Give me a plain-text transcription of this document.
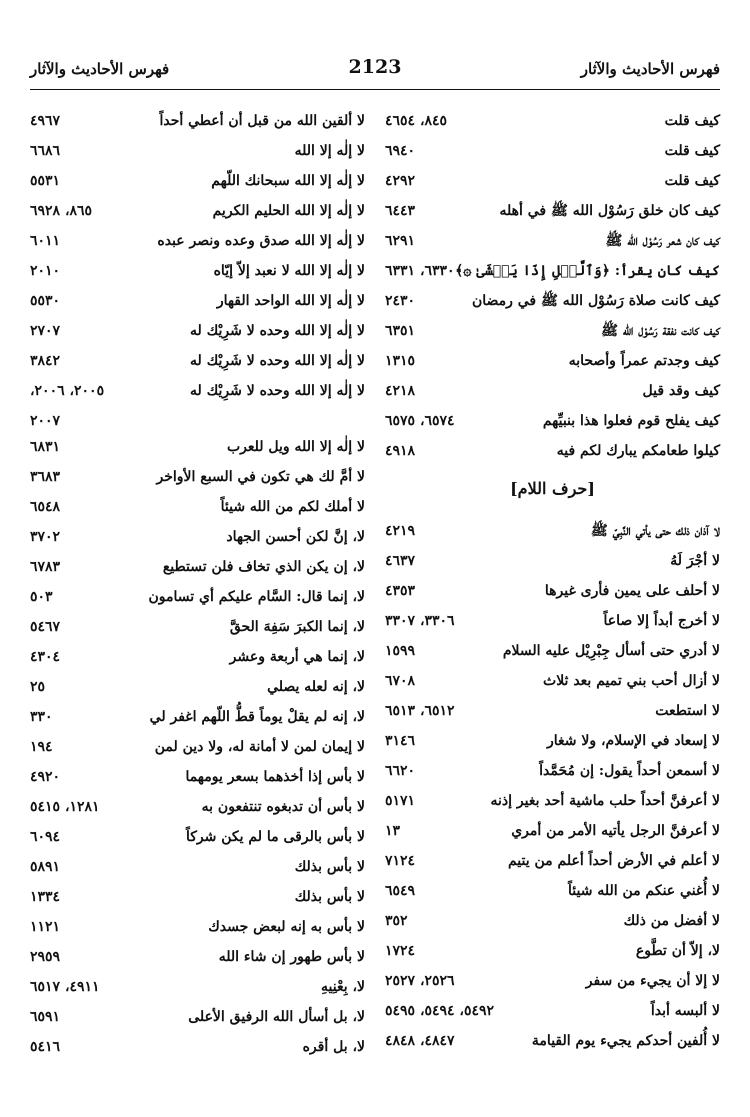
فهرس الأحاديث والآثار
2123
فهرس الأحاديث والآثار
كيف قلت
٨٤٥، ٤٦٥٤
كيف قلت
٦٩٤٠
كيف قلت
٤٢٩٢
كيف كان خلق رَسُوْل الله ﷺ في أهله
٦٤٤٣
كيف كان شعر رَسُوْل الله ﷺ
٦٢٩١
كيف كان يقرأ: ﴿وَٱلَّيۡلِ إِذَا يَغۡشَىٰ ۞﴾
٦٣٣٠، ٦٣٣١
كيف كانت صلاة رَسُوْل الله ﷺ في رمضان
٢٤٣٠
كيف كانت نفقة رَسُوْل الله ﷺ
٦٣٥١
كيف وجدتم عمراً وأصحابه
١٣١٥
كيف وقد قيل
٤٢١٨
كيف يفلح قوم فعلوا هذا بنبيِّهم
٦٥٧٤، ٦٥٧٥
كيلوا طعامكم يبارك لكم فيه
٤٩١٨
[حرف اللام]
لا آذان ذلك حتى يأتي النَّبِيّ ﷺ
٤٢١٩
لا أجْرَ لَهُ
٤٦٣٧
لا أحلف على يمين فأرى غيرها
٤٣٥٣
لا أخرج أبداً إلا صاعاً
٣٣٠٦، ٣٣٠٧
لا أدري حتى أسأل جِبْرِيْل عليه السلام
١٥٩٩
لا أزال أحب بني تميم بعد ثلاث
٦٧٠٨
لا استطعت
٦٥١٢، ٦٥١٣
لا إسعاد في الإسلام، ولا شغار
٣١٤٦
لا أسمعن أحداً يقول: إن مُحَمَّداً
٦٦٢٠
لا أعرفنَّ أحداً حلب ماشية أحد بغير إذنه
٥١٧١
لا أعرفنَّ الرجل يأتيه الأمر من أمري
١٣
لا أعلم في الأرض أحداً أعلم من يتيم
٧١٢٤
لا أُغني عنكم من الله شيئاً
٦٥٤٩
لا أفضل من ذلك
٣٥٢
لا، إلاّ أن تطَّوع
١٧٢٤
لا إلا أن يجيء من سفر
٢٥٢٦، ٢٥٢٧
لا ألبسه أبداً
٥٤٩٢، ٥٤٩٤، ٥٤٩٥
لا أُلفين أحدكم يجيء يوم القيامة
٤٨٤٧، ٤٨٤٨
لا ألقين الله من قبل أن أعطي أحداً
٤٩٦٧
لا إلٰه إلا الله
٦٦٨٦
لا إلٰه إلا الله سبحانك اللّهم
٥٥٣١
لا إلٰه إلا الله الحليم الكريم
٨٦٥، ٦٩٢٨
لا إلٰه إلا الله صدق وعده ونصر عبده
٦٠١١
لا إلٰه إلا الله لا نعبد إلاّ إيّاه
٢٠١٠
لا إلٰه إلا الله الواحد القهار
٥٥٣٠
لا إلٰه إلا الله وحده لا شَرِيْك له
٢٧٠٧
لا إلٰه إلا الله وحده لا شَرِيْك له
٣٨٤٢
لا إلٰه إلا الله وحده لا شَرِيْك له
٢٠٠٥، ٢٠٠٦،
٢٠٠٧
لا إلٰه إلا الله ويل للعرب
٦٨٣١
لا أمَّ لك هي تكون في السبع الأواخر
٣٦٨٣
لا أملك لكم من الله شيئاً
٦٥٤٨
لا، إنَّ لكن أحسن الجهاد
٣٧٠٢
لا، إن يكن الذي تخاف فلن تستطيع
٦٧٨٣
لا، إنما قال: السَّام عليكم أي تسامون
٥٠٣
لا، إنما الكبرَ سَفِهَ الحقَّ
٥٤٦٧
لا، إنما هي أربعة وعشر
٤٣٠٤
لا، إنه لعله يصلي
٢٥
لا، إنه لم يقلْ يوماً قطُّ اللّهم اغفر لي
٣٣٠
لا إيمان لمن لا أمانة له، ولا دين لمن
١٩٤
لا بأس إذا أخذهما بسعر يومهما
٤٩٢٠
لا بأس أن تدبغوه تنتفعون به
١٢٨١، ٥٤١٥
لا بأس بالرقى ما لم يكن شركاً
٦٠٩٤
لا بأس بذلك
٥٨٩١
لا بأس بذلك
١٣٣٤
لا بأس به إنه لبعض جسدك
١١٢١
لا بأس طهور إن شاء الله
٢٩٥٩
لا، بِعْنِيهِ
٤٩١١، ٦٥١٧
لا، بل أسأل الله الرفيق الأعلى
٦٥٩١
لا، بل أقره
٥٤١٦
